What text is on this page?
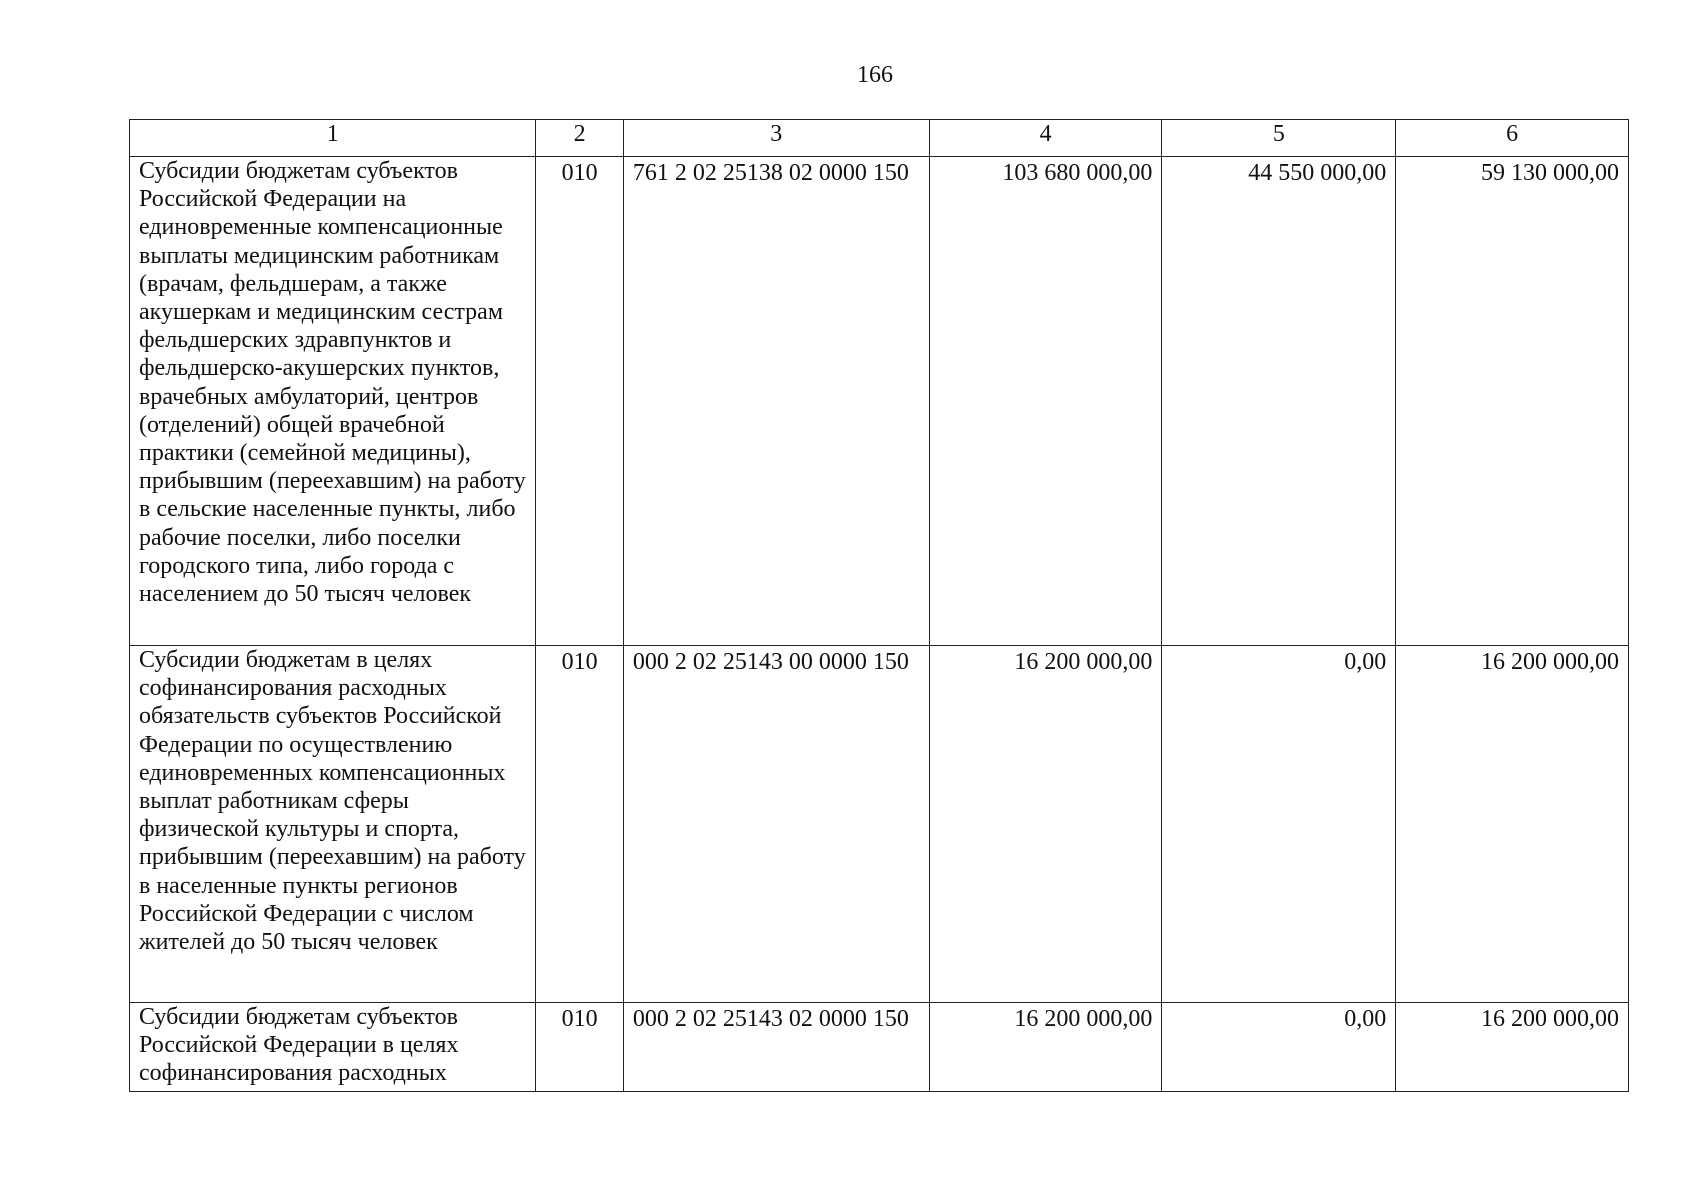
166
1	2	3	4	5	6
Субсидии бюджетам субъектов Российской Федерации на единовременные компенсационные выплаты медицинским работникам (врачам, фельдшерам, а также акушеркам и медицинским сестрам фельдшерских здравпунктов и фельдшерско-акушерских пунктов, врачебных амбулаторий, центров (отделений) общей врачебной практики (семейной медицины), прибывшим (переехавшим) на работу в сельские населенные пункты, либо рабочие поселки, либо поселки городского типа, либо города с населением до 50 тысяч человек	010	761 2 02 25138 02 0000 150	103 680 000,00	44 550 000,00	59 130 000,00
Субсидии бюджетам в целях софинансирования расходных обязательств субъектов Российской Федерации по осуществлению единовременных компенсационных выплат работникам сферы физической культуры и спорта, прибывшим (переехавшим) на работу в населенные пункты регионов Российской Федерации с числом жителей до 50 тысяч человек	010	000 2 02 25143 00 0000 150	16 200 000,00	0,00	16 200 000,00
Субсидии бюджетам субъектов Российской Федерации в целях софинансирования расходных	010	000 2 02 25143 02 0000 150	16 200 000,00	0,00	16 200 000,00
